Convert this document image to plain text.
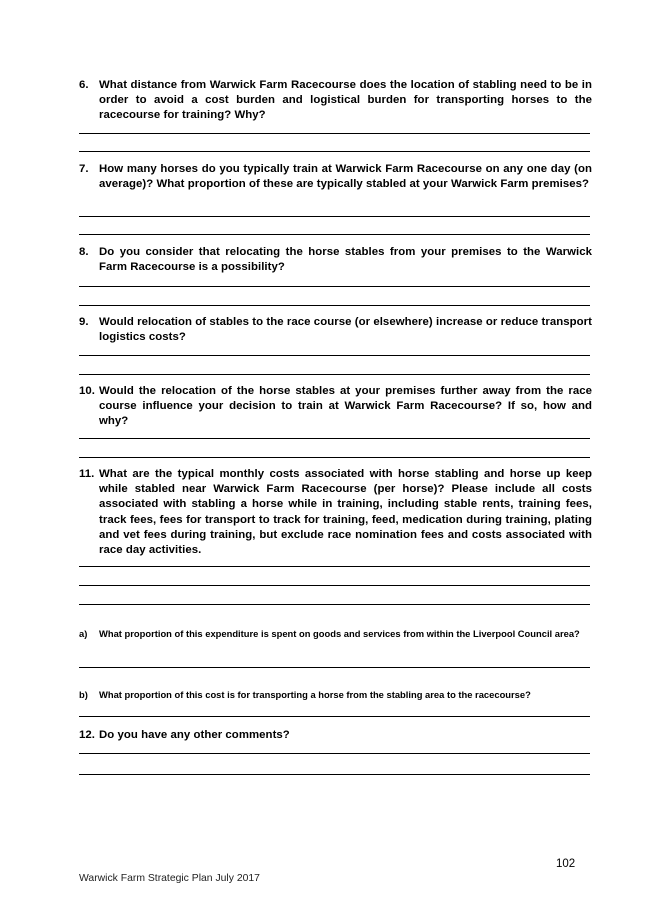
6. What distance from Warwick Farm Racecourse does the location of stabling need to be in order to avoid a cost burden and logistical burden for transporting horses to the racecourse for training? Why?
7. How many horses do you typically train at Warwick Farm Racecourse on any one day (on average)? What proportion of these are typically stabled at your Warwick Farm premises?
8. Do you consider that relocating the horse stables from your premises to the Warwick Farm Racecourse is a possibility?
9. Would relocation of stables to the race course (or elsewhere) increase or reduce transport logistics costs?
10. Would the relocation of the horse stables at your premises further away from the race course influence your decision to train at Warwick Farm Racecourse? If so, how and why?
11. What are the typical monthly costs associated with horse stabling and horse up keep while stabled near Warwick Farm Racecourse (per horse)? Please include all costs associated with stabling a horse while in training, including stable rents, training fees, track fees, fees for transport to track for training, feed, medication during training, plating and vet fees during training, but exclude race nomination fees and costs associated with race day activities.
a)	What proportion of this expenditure is spent on goods and services from within the Liverpool Council area?
b)	What proportion of this cost is for transporting a horse from the stabling area to the racecourse?
12. Do you have any other comments?
102
Warwick Farm Strategic Plan July 2017
